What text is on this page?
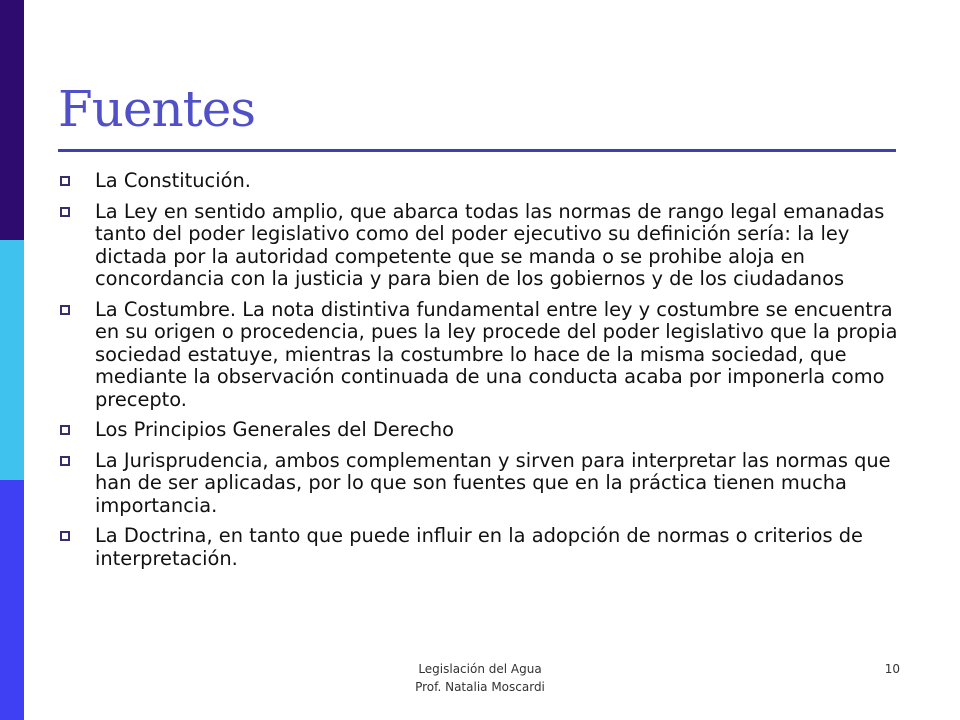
Fuentes
La Constitución.
La Ley en sentido amplio, que abarca todas las normas de rango legal emanadas tanto del poder legislativo como del poder ejecutivo su definición sería: la ley dictada por la autoridad competente que se manda o se prohibe aloja en concordancia con la justicia y para bien de los gobiernos y de los ciudadanos
La Costumbre. La nota distintiva fundamental entre ley y costumbre se encuentra en su origen o procedencia, pues la ley procede del poder legislativo que la propia sociedad estatuye, mientras la costumbre lo hace de la misma sociedad, que mediante la observación continuada de una conducta acaba por imponerla como precepto.
Los Principios Generales del Derecho
La Jurisprudencia, ambos complementan y sirven para interpretar las normas que han de ser aplicadas, por lo que son fuentes que en la práctica tienen mucha importancia.
La Doctrina, en tanto que puede influir en la adopción de normas o criterios de interpretación.
Legislación del Agua
Prof. Natalia Moscardi
10
